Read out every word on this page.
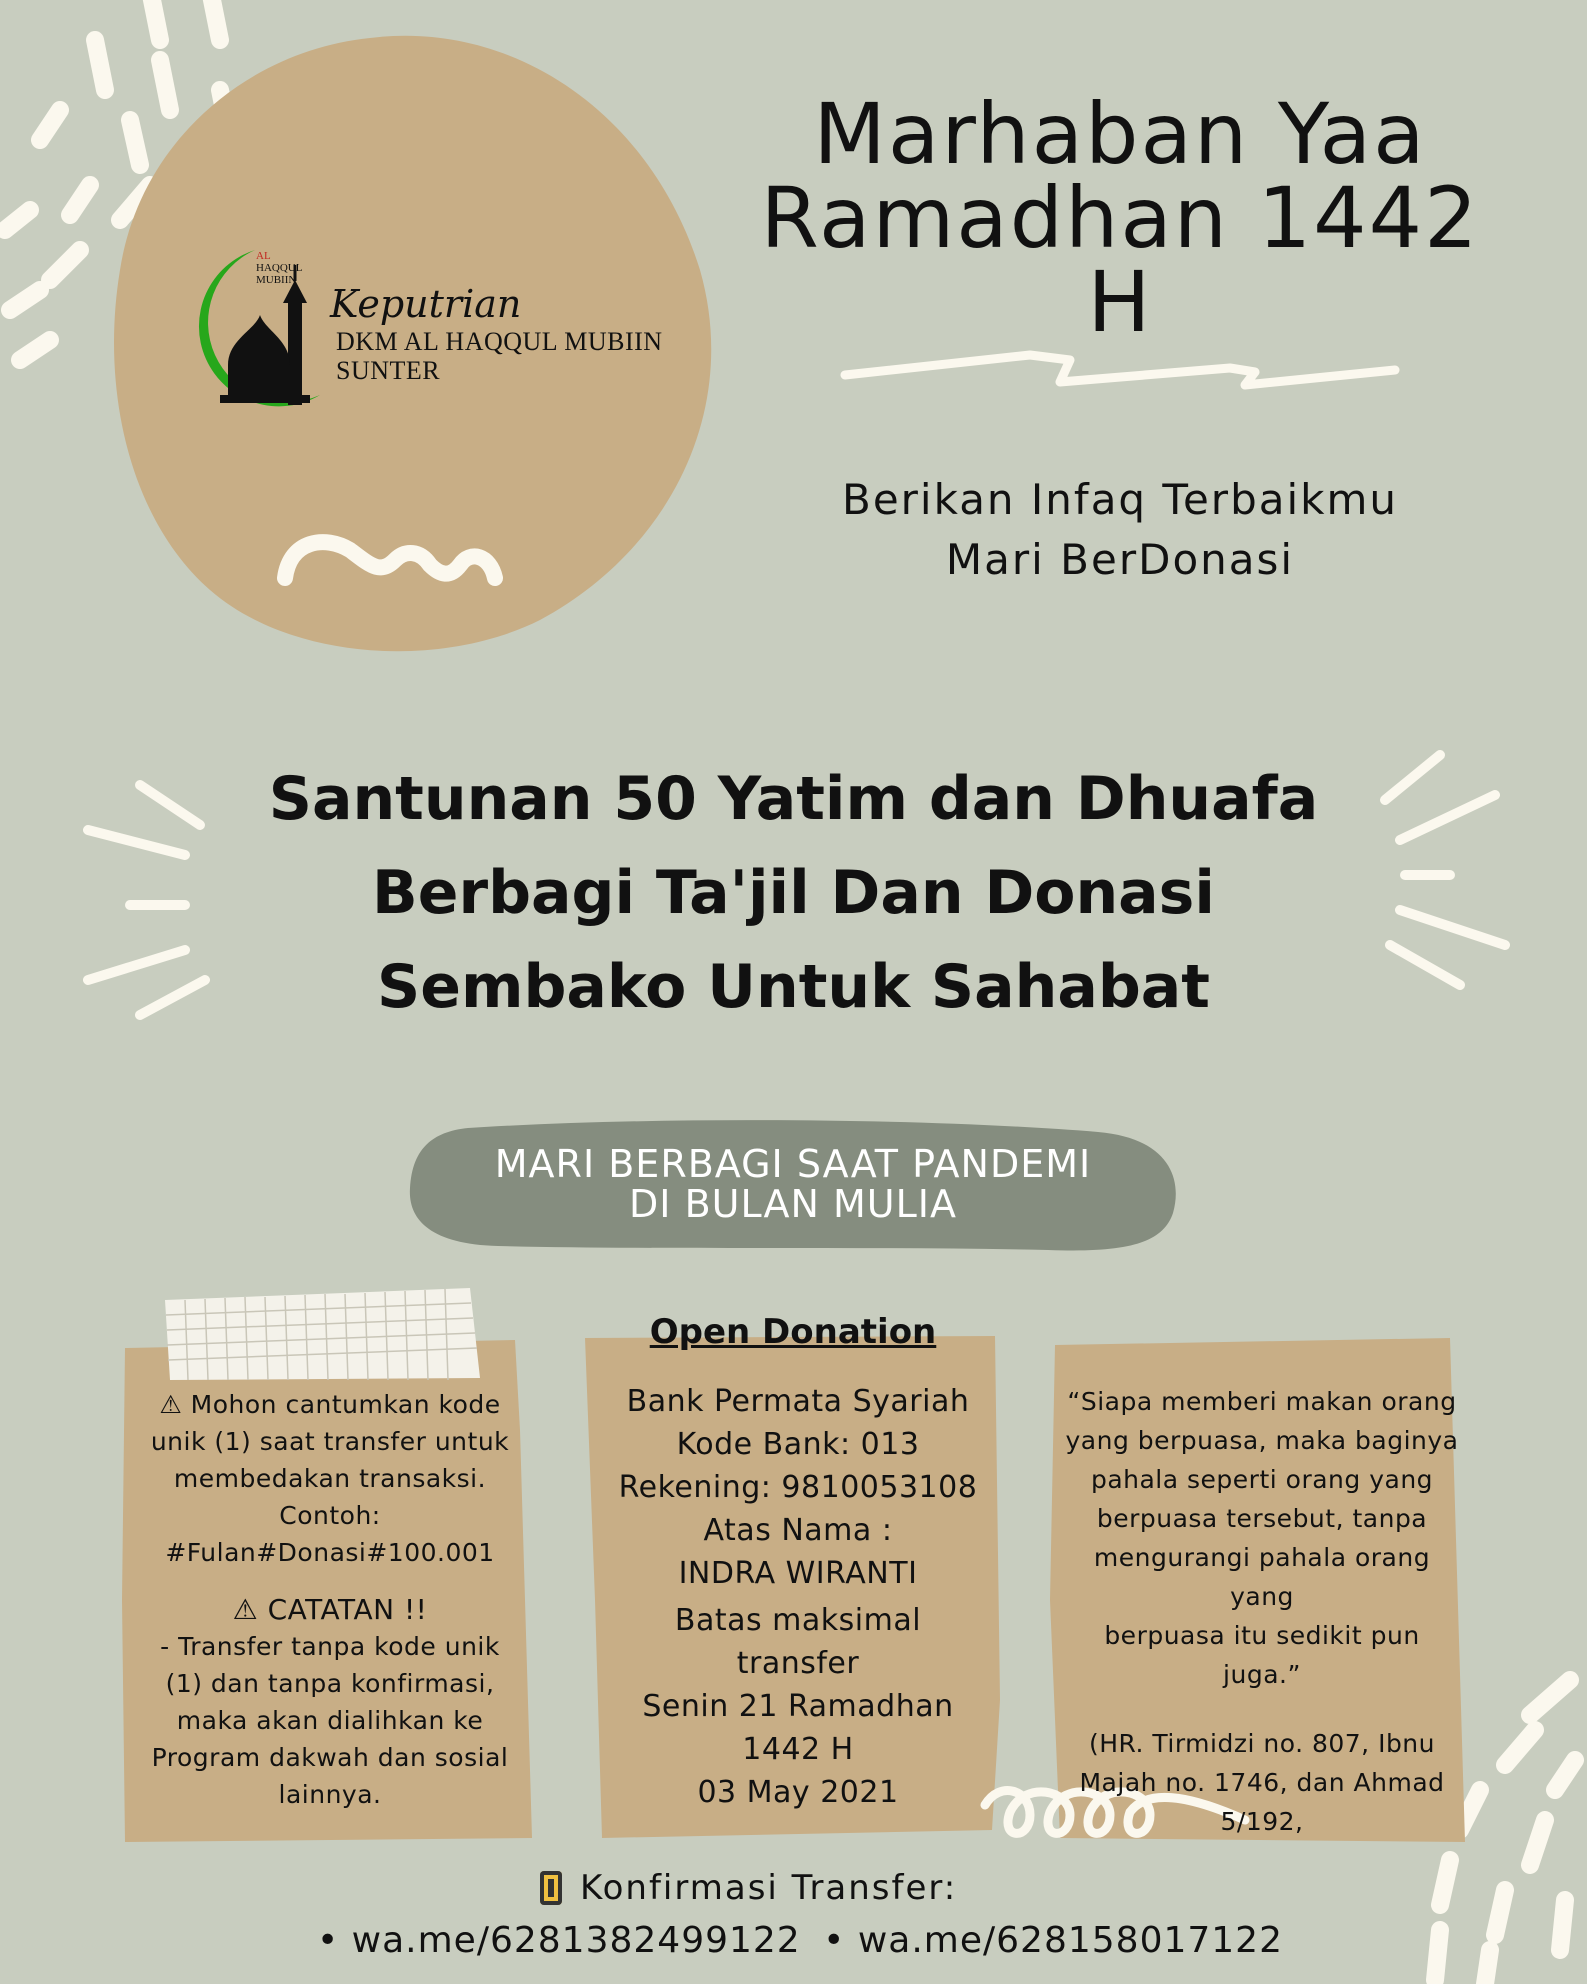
AL
HAQQUL
MUBIIN
Keputrian
DKM AL HAQQUL MUBIIN
SUNTER
Marhaban Yaa
Ramadhan 1442 H
Berikan Infaq Terbaikmu
Mari BerDonasi
Santunan 50 Yatim dan Dhuafa
Berbagi Ta'jil Dan Donasi
Sembako Untuk Sahabat
MARI BERBAGI SAAT PANDEMI
DI BULAN MULIA
⚠ Mohon cantumkan kode
unik (1) saat transfer untuk
membedakan transaksi.
Contoh:
#Fulan#Donasi#100.001
⚠ CATATAN !!
- Transfer tanpa kode unik
(1) dan tanpa konfirmasi,
maka akan dialihkan ke
Program dakwah dan sosial
lainnya.
Open Donation
Bank Permata Syariah
Kode Bank: 013
Rekening: 9810053108
Atas Nama :
INDRA WIRANTI
Batas maksimal
transfer
Senin 21 Ramadhan
1442 H
03 May 2021
“Siapa memberi makan orang
yang berpuasa, maka baginya
pahala seperti orang yang
berpuasa tersebut, tanpa
mengurangi pahala orang yang
berpuasa itu sedikit pun juga.”
(HR. Tirmidzi no. 807, Ibnu
Majah no. 1746, dan Ahmad
5/192,
Konfirmasi Transfer:
• wa.me/6281382499122 • wa.me/628158017122
